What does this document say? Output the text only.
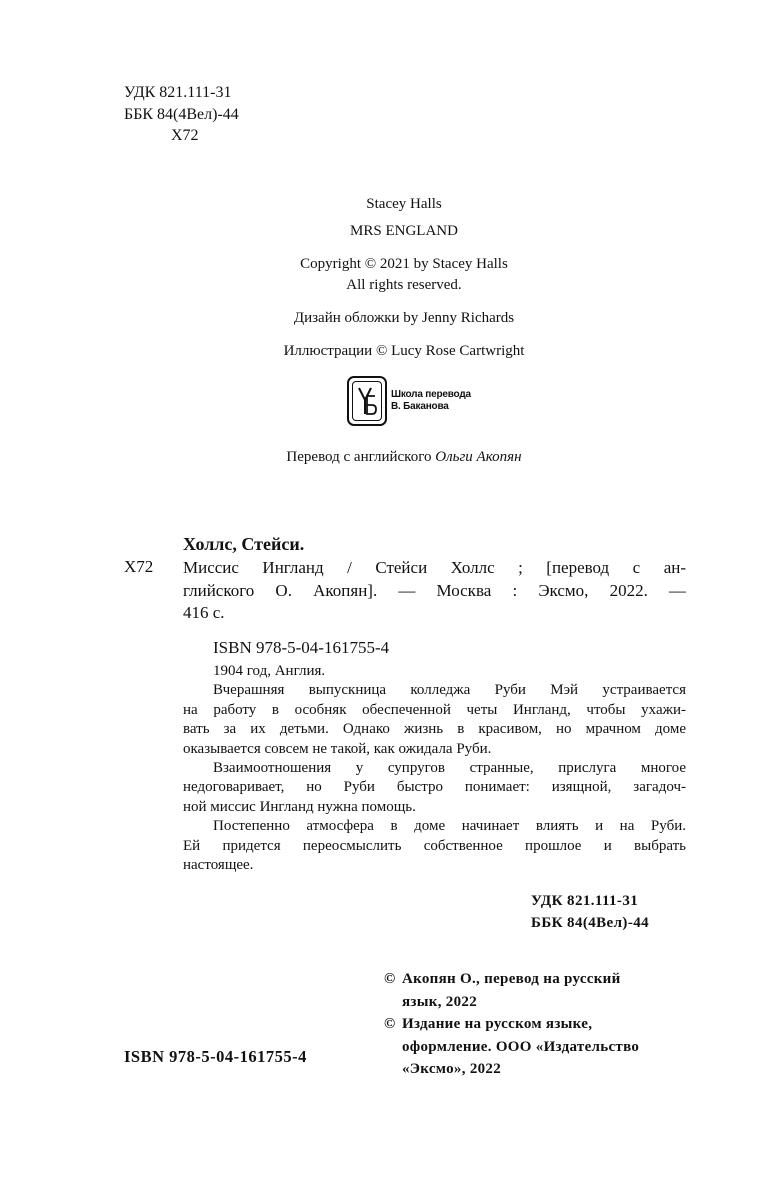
УДК 821.111-31
ББК 84(4Вел)-44
Х72
Stacey Halls
MRS ENGLAND
Copyright © 2021 by Stacey Halls
All rights reserved.
Дизайн обложки by Jenny Richards
Иллюстрации © Lucy Rose Cartwright
Школа перевода
В. Баканова
Перевод с английского Ольги Акопян
Холлс, Стейси.
Х72 Миссис Ингланд / Стейси Холлс ; [перевод с ан-
глийского О. Акопян]. — Москва : Эксмо, 2022. —
416 с.
ISBN 978-5-04-161755-4

1904 год, Англия.

Вчерашняя выпускница колледжа Руби Мэй устраивается

на работу в особняк обеспеченной четы Ингланд, чтобы ухажи-

вать за их детьми. Однако жизнь в красивом, но мрачном доме

оказывается совсем не такой, как ожидала Руби.

Взаимоотношения у супругов странные, прислуга многое

недоговаривает, но Руби быстро понимает: изящной, загадоч-

ной миссис Ингланд нужна помощь.

Постепенно атмосфера в доме начинает влиять и на Руби.

Ей придется переосмыслить собственное прошлое и выбрать

настоящее.

УДК 821.111-31
ББК 84(4Вел)-44
© Акопян О., перевод на русский
язык, 2022
© Издание на русском языке,
оформление. ООО «Издательство
«Эксмо», 2022
ISBN 978-5-04-161755-4
